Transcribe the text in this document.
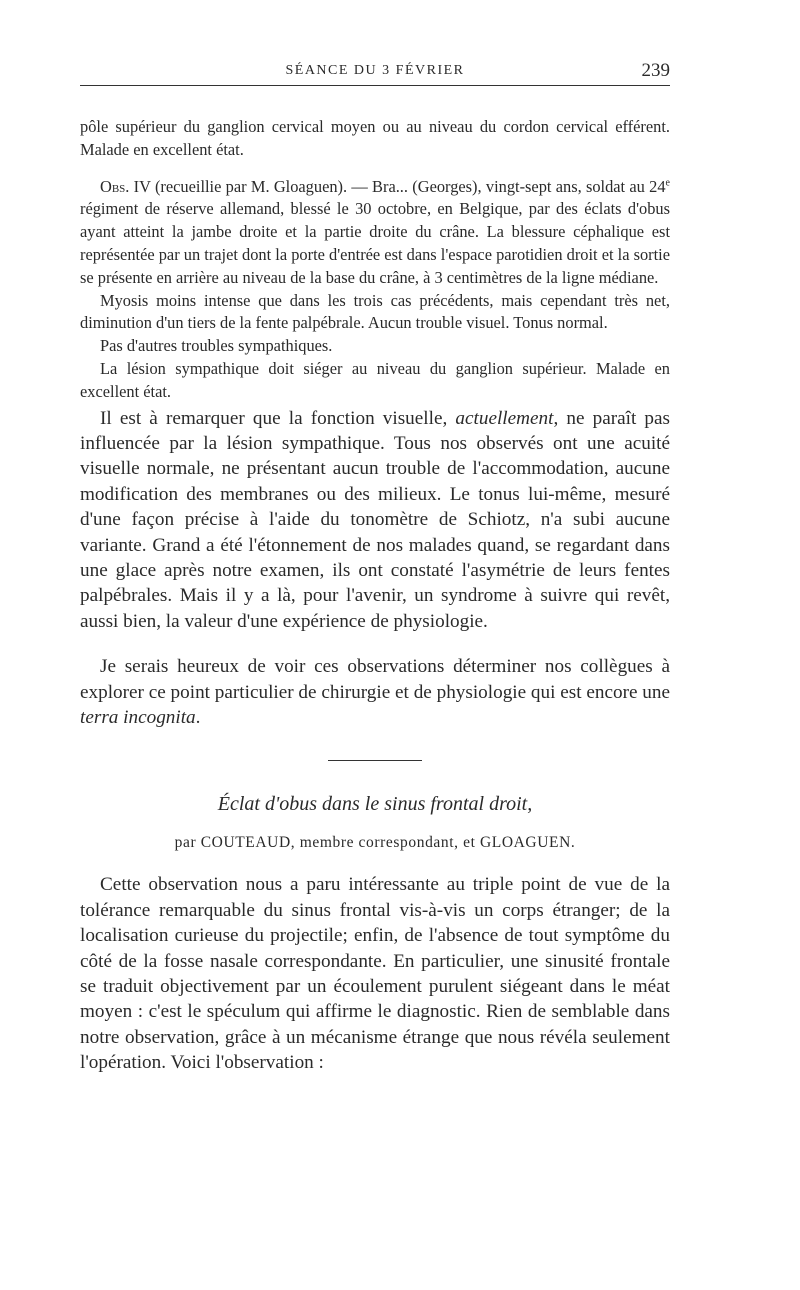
SÉANCE DU 3 FÉVRIER	239

pôle supérieur du ganglion cervical moyen ou au niveau du cordon cervical efférent. Malade en excellent état.

Obs. IV (recueillie par M. Gloaguen). — Bra... (Georges), vingt-sept ans, soldat au 24e régiment de réserve allemand, blessé le 30 octobre, en Belgique, par des éclats d'obus ayant atteint la jambe droite et la partie droite du crâne. La blessure céphalique est représentée par un trajet dont la porte d'entrée est dans l'espace parotidien droit et la sortie se présente en arrière au niveau de la base du crâne, à 3 centimètres de la ligne médiane.

Myosis moins intense que dans les trois cas précédents, mais cependant très net, diminution d'un tiers de la fente palpébrale. Aucun trouble visuel. Tonus normal.

Pas d'autres troubles sympathiques.

La lésion sympathique doit siéger au niveau du ganglion supérieur. Malade en excellent état.

Il est à remarquer que la fonction visuelle, actuellement, ne paraît pas influencée par la lésion sympathique. Tous nos observés ont une acuité visuelle normale, ne présentant aucun trouble de l'accommodation, aucune modification des membranes ou des milieux. Le tonus lui-même, mesuré d'une façon précise à l'aide du tonomètre de Schiotz, n'a subi aucune variante. Grand a été l'étonnement de nos malades quand, se regardant dans une glace après notre examen, ils ont constaté l'asymétrie de leurs fentes palpébrales. Mais il y a là, pour l'avenir, un syndrome à suivre qui revêt, aussi bien, la valeur d'une expérience de physiologie.

Je serais heureux de voir ces observations déterminer nos collègues à explorer ce point particulier de chirurgie et de physiologie qui est encore une terra incognita.

Éclat d'obus dans le sinus frontal droit,

par COUTEAUD, membre correspondant, et GLOAGUEN.

Cette observation nous a paru intéressante au triple point de vue de la tolérance remarquable du sinus frontal vis-à-vis un corps étranger; de la localisation curieuse du projectile; enfin, de l'absence de tout symptôme du côté de la fosse nasale correspondante. En particulier, une sinusité frontale se traduit objectivement par un écoulement purulent siégeant dans le méat moyen : c'est le spéculum qui affirme le diagnostic. Rien de semblable dans notre observation, grâce à un mécanisme étrange que nous révéla seulement l'opération. Voici l'observation :
